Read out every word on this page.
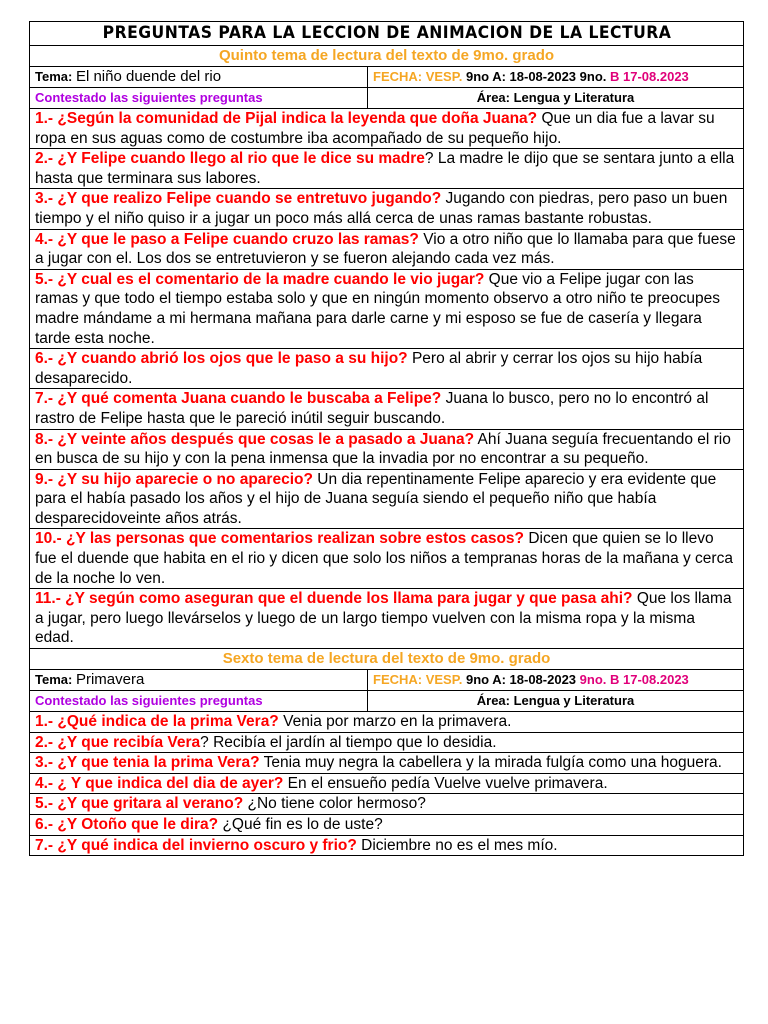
PREGUNTAS PARA LA LECCION DE ANIMACION DE LA LECTURA	
Quinto tema de lectura del texto de 9mo. grado	
Tema: El niño duende del rio	FECHA: VESP. 9no A: 18-08-2023 9no. B 17-08.2023
Contestado las siguientes preguntas	Área: Lengua y Literatura
1.- ¿Según la comunidad de Pijal indica la leyenda que doña Juana? Que un dia fue a lavar su ropa en sus aguas como de costumbre iba acompañado de su pequeño hijo.	
2.- ¿Y Felipe cuando llego al rio que le dice su madre? La madre le dijo que se sentara junto a ella hasta que terminara sus labores.	
3.- ¿Y que realizo Felipe cuando se entretuvo jugando? Jugando con piedras, pero paso un buen tiempo y el niño quiso ir a jugar un poco más allá cerca de unas ramas bastante robustas.	
4.- ¿Y que le paso a Felipe cuando cruzo las ramas? Vio a otro niño que lo llamaba para que fuese a jugar con el. Los dos se entretuvieron y se fueron alejando cada vez más.	
5.- ¿Y cual es el comentario de la madre cuando le vio jugar? Que vio a Felipe jugar con las ramas y que todo el tiempo estaba solo y que en ningún momento observo a otro niño te preocupes madre mándame a mi hermana mañana para darle carne y mi esposo se fue de casería y llegara tarde esta noche.	
6.- ¿Y cuando abrió los ojos que le paso a su hijo? Pero al abrir y cerrar los ojos su hijo había desaparecido.	
7.- ¿Y qué comenta Juana cuando le buscaba a Felipe? Juana lo busco, pero no lo encontró al rastro de Felipe hasta que le pareció inútil seguir buscando.	
8.- ¿Y veinte años después que cosas le a pasado a Juana? Ahí Juana seguía frecuentando el rio en busca de su hijo y con la pena inmensa que la invadia por no encontrar a su pequeño.	
9.- ¿Y su hijo aparecie o no aparecio? Un dia repentinamente Felipe aparecio y era evidente que para el había pasado los años y el hijo de Juana seguía siendo el pequeño niño que había desparecidoveinte años atrás.	
10.- ¿Y las personas que comentarios realizan sobre estos casos? Dicen que quien se lo llevo fue el duende que habita en el rio y dicen que solo los niños a tempranas horas de la mañana y cerca de la noche lo ven.	
11.- ¿Y según como aseguran que el duende los llama para jugar y que pasa ahi? Que los llama a jugar, pero luego llevárselos y luego de un largo tiempo vuelven con la misma ropa y la misma edad.	
Sexto tema de lectura del texto de 9mo. grado	
Tema: Primavera	FECHA: VESP. 9no A: 18-08-2023 9no. B 17-08.2023
Contestado las siguientes preguntas	Área: Lengua y Literatura
1.- ¿Qué indica de la prima Vera? Venia por marzo en la primavera.	
2.- ¿Y que recibía Vera? Recibía el jardín al tiempo que lo desidia.	
3.- ¿Y que tenia la prima Vera? Tenia muy negra la cabellera y la mirada fulgía como una hoguera.	
4.- ¿ Y que indica del dia de ayer? En el ensueño pedía Vuelve vuelve primavera.	
5.- ¿Y que gritara al verano? ¿No tiene color hermoso?	
6.- ¿Y Otoño que le dira? ¿Qué fin es lo de uste?	
7.- ¿Y qué indica del invierno oscuro y frio? Diciembre no es el mes mío.	
